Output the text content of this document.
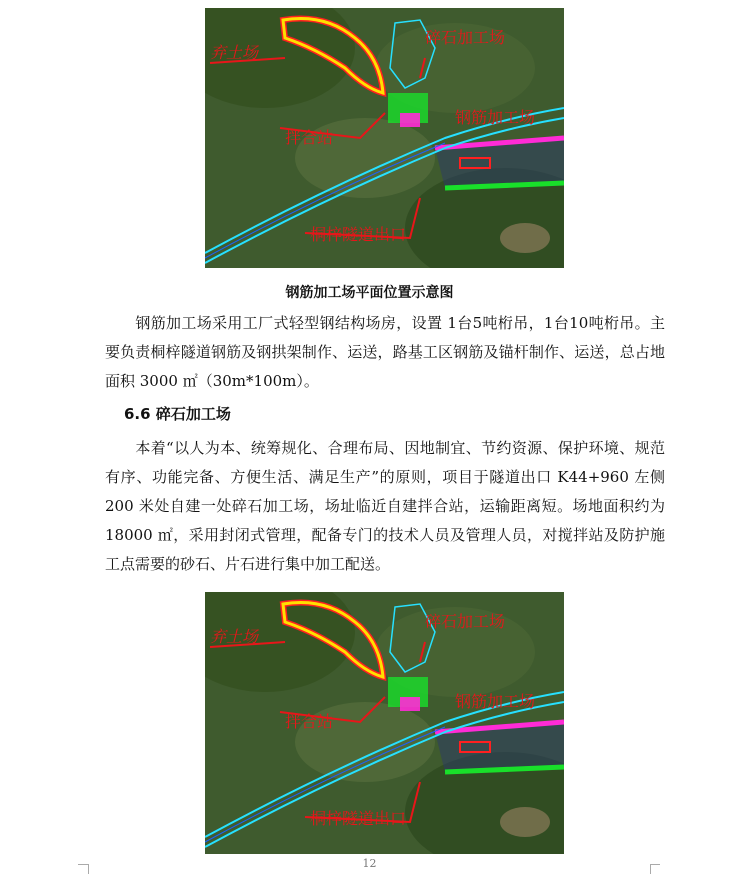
弃土场
碎石加工场
钢筋加工场
拌合站
桐梓隧道出口
钢筋加工场平面位置示意图
钢筋加工场采用工厂式轻型钢结构场房，设置 1台5吨桁吊，1台10吨桁吊。主要负责桐梓隧道钢筋及钢拱架制作、运送，路基工区钢筋及锚杆制作、运送，总占地面积 3000 ㎡（30m*100m）。
6.6 碎石加工场
本着“以人为本、统筹规化、合理布局、因地制宜、节约资源、保护环境、规范有序、功能完备、方便生活、满足生产”的原则，项目于隧道出口 K44+960 左侧 200 米处自建一处碎石加工场，场址临近自建拌合站，运输距离短。场地面积约为 18000 ㎡，采用封闭式管理，配备专门的技术人员及管理人员，对搅拌站及防护施工点需要的砂石、片石进行集中加工配送。
弃土场
碎石加工场
钢筋加工场
拌合站
桐梓隧道出口
12
